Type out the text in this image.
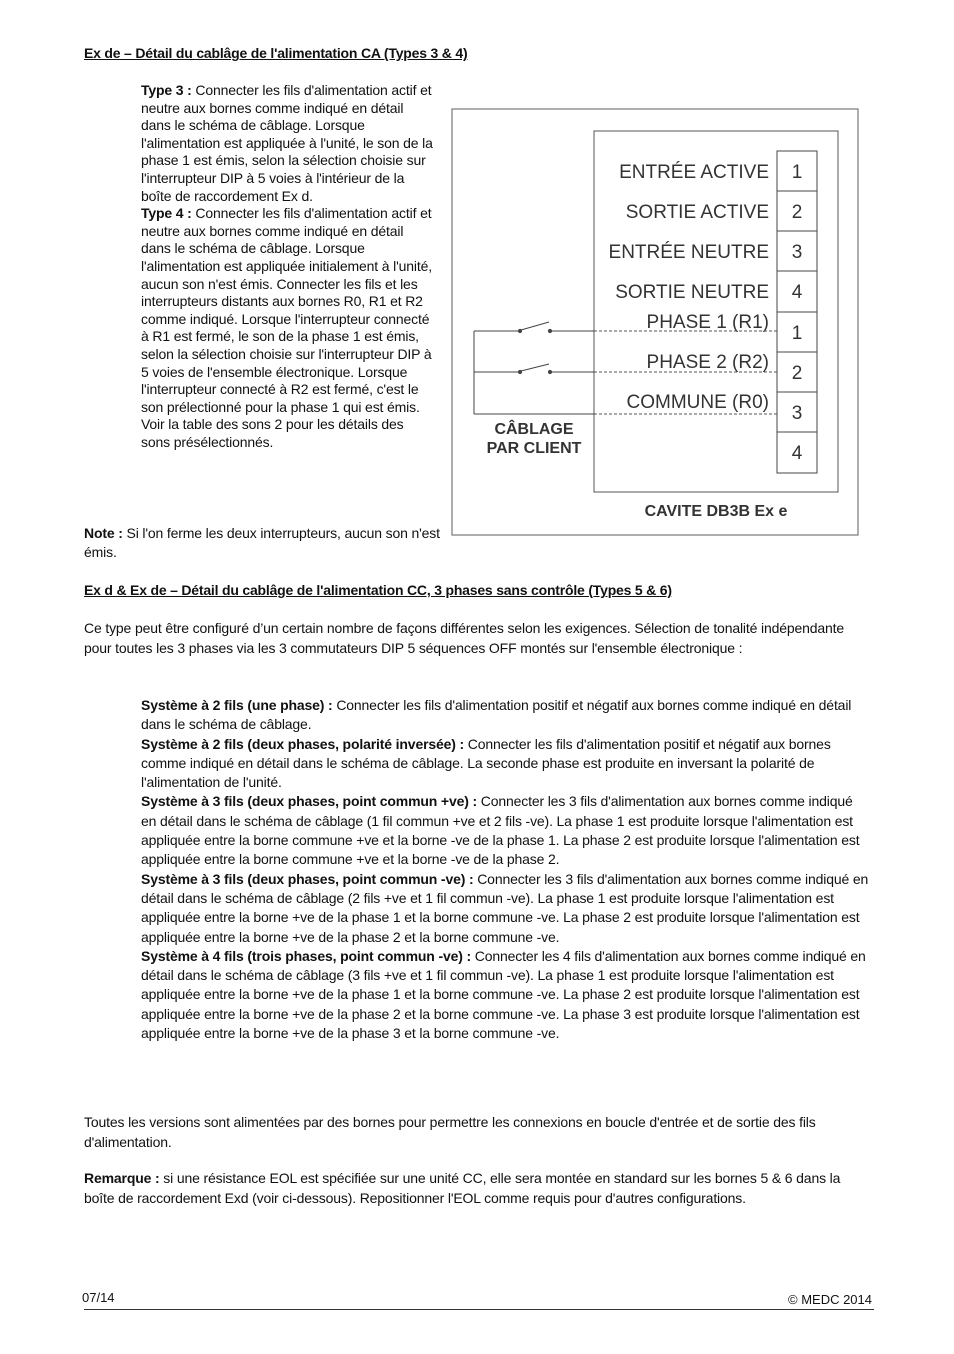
Ex de – Détail du cablâge de l'alimentation CA (Types 3 & 4)

Type 3 : Connecter les fils d'alimentation actif et neutre aux bornes comme indiqué en détail dans le schéma de câblage. Lorsque l'alimentation est appliquée à l'unité, le son de la phase 1 est émis, selon la sélection choisie sur l'interrupteur DIP à 5 voies à l'intérieur de la boîte de raccordement Ex d.

Type 4 : Connecter les fils d'alimentation actif et neutre aux bornes comme indiqué en détail dans le schéma de câblage. Lorsque l'alimentation est appliquée initialement à l'unité, aucun son n'est émis. Connecter les fils et les interrupteurs distants aux bornes R0, R1 et R2 comme indiqué. Lorsque l'interrupteur connecté à R1 est fermé, le son de la phase 1 est émis, selon la sélection choisie sur l'interrupteur DIP à 5 voies de l'ensemble électronique. Lorsque l'interrupteur connecté à R2 est fermé, c'est le son prélectionné pour la phase 1 qui est émis. Voir la table des sons 2 pour les détails des sons présélectionnés.

Note : Si l'on ferme les deux interrupteurs, aucun son n'est émis.
ENTRÉE ACTIVE 1
SORTIE ACTIVE 2
ENTRÉE NEUTRE 3
SORTIE NEUTRE 4
PHASE 1 (R1)
1
PHASE 2 (R2)
2
COMMUNE (R0)
3
4
CÂBLAGE
PAR CLIENT
CAVITE DB3B Ex e
Ex d & Ex de – Détail du cablâge de l'alimentation CC, 3 phases sans contrôle (Types 5 & 6)
Ce type peut être configuré d’un certain nombre de façons différentes selon les exigences. Sélection de tonalité indépendante pour toutes les 3 phases via les 3 commutateurs DIP 5 séquences OFF montés sur l'ensemble électronique :

Système à 2 fils (une phase) : Connecter les fils d'alimentation positif et négatif aux bornes comme indiqué en détail dans le schéma de câblage.

Système à 2 fils (deux phases, polarité inversée) : Connecter les fils d'alimentation positif et négatif aux bornes comme indiqué en détail dans le schéma de câblage. La seconde phase est produite en inversant la polarité de l'alimentation de l'unité.

Système à 3 fils (deux phases, point commun +ve) : Connecter les 3 fils d'alimentation aux bornes comme indiqué en détail dans le schéma de câblage (1 fil commun +ve et 2 fils -ve). La phase 1 est produite lorsque l'alimentation est appliquée entre la borne commune +ve et la borne -ve de la phase 1. La phase 2 est produite lorsque l'alimentation est appliquée entre la borne commune +ve et la borne -ve de la phase 2.

Système à 3 fils (deux phases, point commun -ve) : Connecter les 3 fils d'alimentation aux bornes comme indiqué en détail dans le schéma de câblage (2 fils +ve et 1 fil commun -ve). La phase 1 est produite lorsque l'alimentation est appliquée entre la borne +ve de la phase 1 et la borne commune -ve. La phase 2 est produite lorsque l'alimentation est appliquée entre la borne +ve de la phase 2 et la borne commune -ve.

Système à 4 fils (trois phases, point commun -ve) : Connecter les 4 fils d'alimentation aux bornes comme indiqué en détail dans le schéma de câblage (3 fils +ve et 1 fil commun -ve). La phase 1 est produite lorsque l'alimentation est appliquée entre la borne +ve de la phase 1 et la borne commune -ve. La phase 2 est produite lorsque l'alimentation est appliquée entre la borne +ve de la phase 2 et la borne commune -ve. La phase 3 est produite lorsque l'alimentation est appliquée entre la borne +ve de la phase 3 et la borne commune -ve.

Toutes les versions sont alimentées par des bornes pour permettre les connexions en boucle d'entrée et de sortie des fils d'alimentation.
Remarque : si une résistance EOL est spécifiée sur une unité CC, elle sera montée en standard sur les bornes 5 & 6 dans la boîte de raccordement Exd (voir ci-dessous). Repositionner l'EOL comme requis pour d'autres configurations.
07/14	© MEDC 2014
